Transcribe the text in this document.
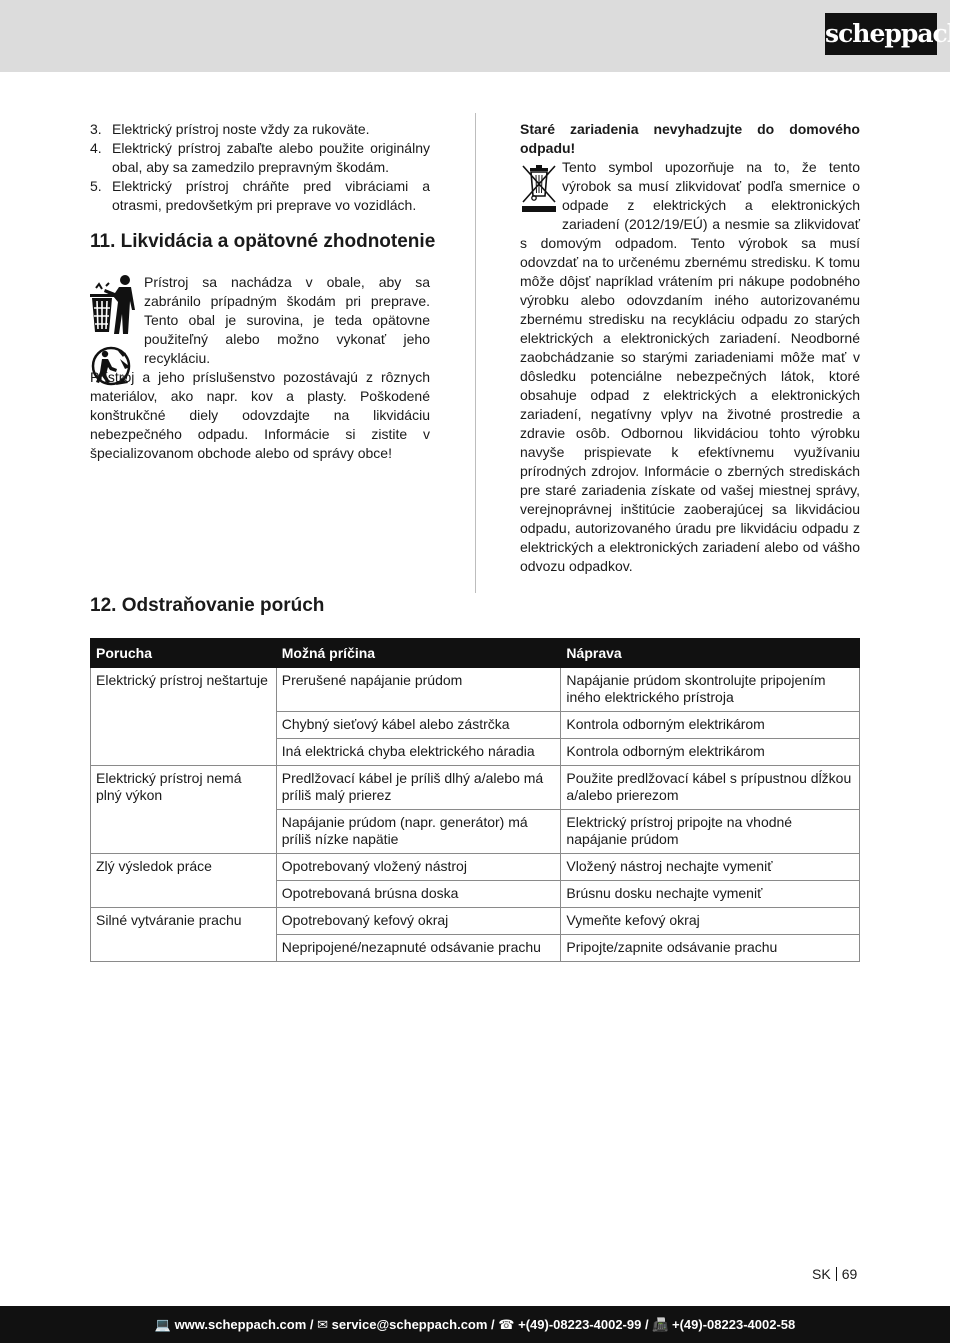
scheppach
3. Elektrický prístroj noste vždy za rukoväte.
4. Elektrický prístroj zabaľte alebo použite originálny obal, aby sa zamedzilo prepravným škodám.
5. Elektrický prístroj chráňte pred vibráciami a otrasmi, predovšetkým pri preprave vo vozidlách.
11. Likvidácia a opätovné zhodnotenie

Prístroj sa nachádza v obale, aby sa zabránilo prípadným škodám pri preprave. Tento obal je surovina, je teda opätovne použiteľný alebo možno vykonať jeho recykláciu.

Prístroj a jeho príslušenstvo pozostávajú z rôznych materiálov, ako napr. kov a plasty. Poškodené konštrukčné diely odovzdajte na likvidáciu nebezpečného odpadu. Informácie si zistite v špecializovanom obchode alebo od správy obce!

Staré zariadenia nevyhadzujte do domového odpadu!

Tento symbol upozorňuje na to, že tento výrobok sa musí zlikvidovať podľa smernice o odpade z elektrických a elektronických zariadení (2012/19/EÚ) a nesmie sa zlikvidovať s domovým odpadom. Tento výrobok sa musí odovzdať na to určenému zbernému stredisku. K tomu môže dôjsť napríklad vrátením pri nákupe podobného výrobku alebo odovzdaním iného autorizovanému zbernému stredisku na recykláciu odpadu zo starých elektrických a elektronických zariadení. Neodborné zaobchádzanie so starými zariadeniami môže mať v dôsledku potenciálne nebezpečných látok, ktoré obsahuje odpad z elektrických a elektronických zariadení, negatívny vplyv na životné prostredie a zdravie osôb. Odbornou likvidáciou tohto výrobku navyše prispievate k efektívnemu využívaniu prírodných zdrojov. Informácie o zberných strediskách pre staré zariadenia získate od vašej miestnej správy, verejnoprávnej inštitúcie zaoberajúcej sa likvidáciou odpadu, autorizovaného úradu pre likvidáciu odpadu z elektrických a elektronických zariadení alebo od vášho odvozu odpadkov.

12. Odstraňovanie porúch
Porucha	Možná príčina	Náprava
Elektrický prístroj neštartuje	Prerušené napájanie prúdom	Napájanie prúdom skontrolujte pripojením iného elektrického prístroja
	Chybný sieťový kábel alebo zástrčka	Kontrola odborným elektrikárom
	Iná elektrická chyba elektrického náradia	Kontrola odborným elektrikárom
Elektrický prístroj nemá plný výkon	Predlžovací kábel je príliš dlhý a/alebo má príliš malý prierez	Použite predlžovací kábel s prípustnou dĺžkou a/alebo prierezom
	Napájanie prúdom (napr. generátor) má príliš nízke napätie	Elektrický prístroj pripojte na vhodné napájanie prúdom
Zlý výsledok práce	Opotrebovaný vložený nástroj	Vložený nástroj nechajte vymeniť
	Opotrebovaná brúsna doska	Brúsnu dosku nechajte vymeniť
Silné vytváranie prachu	Opotrebovaný kefový okraj	Vymeňte kefový okraj
	Nepripojené/nezapnuté odsávanie prachu	Pripojte/zapnite odsávanie prachu
SK 69
💻 www.scheppach.com / ✉ service@scheppach.com / ☎ +(49)-08223-4002-99 / 📠 +(49)-08223-4002-58
